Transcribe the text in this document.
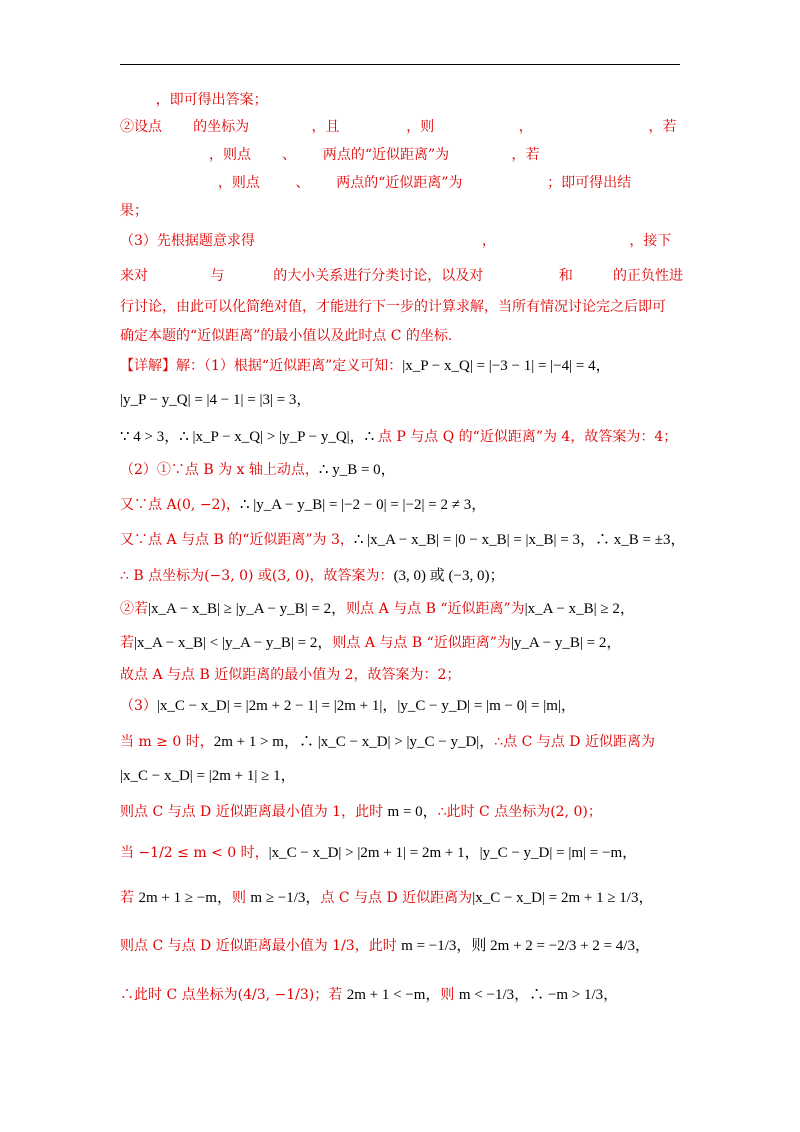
，即可得出答案；
②设点       的坐标为              ，且               ，则                   ，                          ，若
，则点       、      两点的“近似距离”为              ，若
，则点        、      两点的“近似距离”为                   ；即可得出结
果；
（3）先根据题意求得                                                   ，                              ，接下
来对              与           的大小关系进行分类讨论，以及对                 和         的正负性进
行讨论，由此可以化简绝对值，才能进行下一步的计算求解，当所有情况讨论完之后即可
确定本题的“近似距离”的最小值以及此时点 C 的坐标.
【详解】解：（1）根据“近似距离”定义可知：|x_P − x_Q| = |−3 − 1| = |−4| = 4，
|y_P − y_Q| = |4 − 1| = |3| = 3，
∵ 4 > 3，∴ |x_P − x_Q| > |y_P − y_Q|，∴ 点 P 与点 Q 的“近似距离”为 4，故答案为：4；
（2）①∵点 B 为 x 轴上动点，∴ y_B = 0，
又∵点 A(0, −2)，∴ |y_A − y_B| = |−2 − 0| = |−2| = 2 ≠ 3，
又∵点 A 与点 B 的“近似距离”为 3，∴ |x_A − x_B| = |0 − x_B| = |x_B| = 3，∴ x_B = ±3，
∴ B 点坐标为(−3, 0) 或(3, 0)，故答案为：(3, 0) 或 (−3, 0)；
②若|x_A − x_B| ≥ |y_A − y_B| = 2，则点 A 与点 B “近似距离”为|x_A − x_B| ≥ 2，
若|x_A − x_B| < |y_A − y_B| = 2，则点 A 与点 B “近似距离”为|y_A − y_B| = 2，
故点 A 与点 B 近似距离的最小值为 2，故答案为：2；
（3）|x_C − x_D| = |2m + 2 − 1| = |2m + 1|，|y_C − y_D| = |m − 0| = |m|，
当 m ≥ 0 时，2m + 1 > m，∴ |x_C − x_D| > |y_C − y_D|，∴点 C 与点 D 近似距离为
|x_C − x_D| = |2m + 1| ≥ 1，
则点 C 与点 D 近似距离最小值为 1，此时 m = 0，∴此时 C 点坐标为(2, 0)；
当 −1/2 ≤ m < 0 时，|x_C − x_D| > |2m + 1| = 2m + 1，|y_C − y_D| = |m| = −m，
若 2m + 1 ≥ −m，则 m ≥ −1/3，点 C 与点 D 近似距离为|x_C − x_D| = 2m + 1 ≥ 1/3，
则点 C 与点 D 近似距离最小值为 1/3，此时 m = −1/3，则 2m + 2 = −2/3 + 2 = 4/3，
∴此时 C 点坐标为(4/3, −1/3)；若 2m + 1 < −m，则 m < −1/3，∴ −m > 1/3，
